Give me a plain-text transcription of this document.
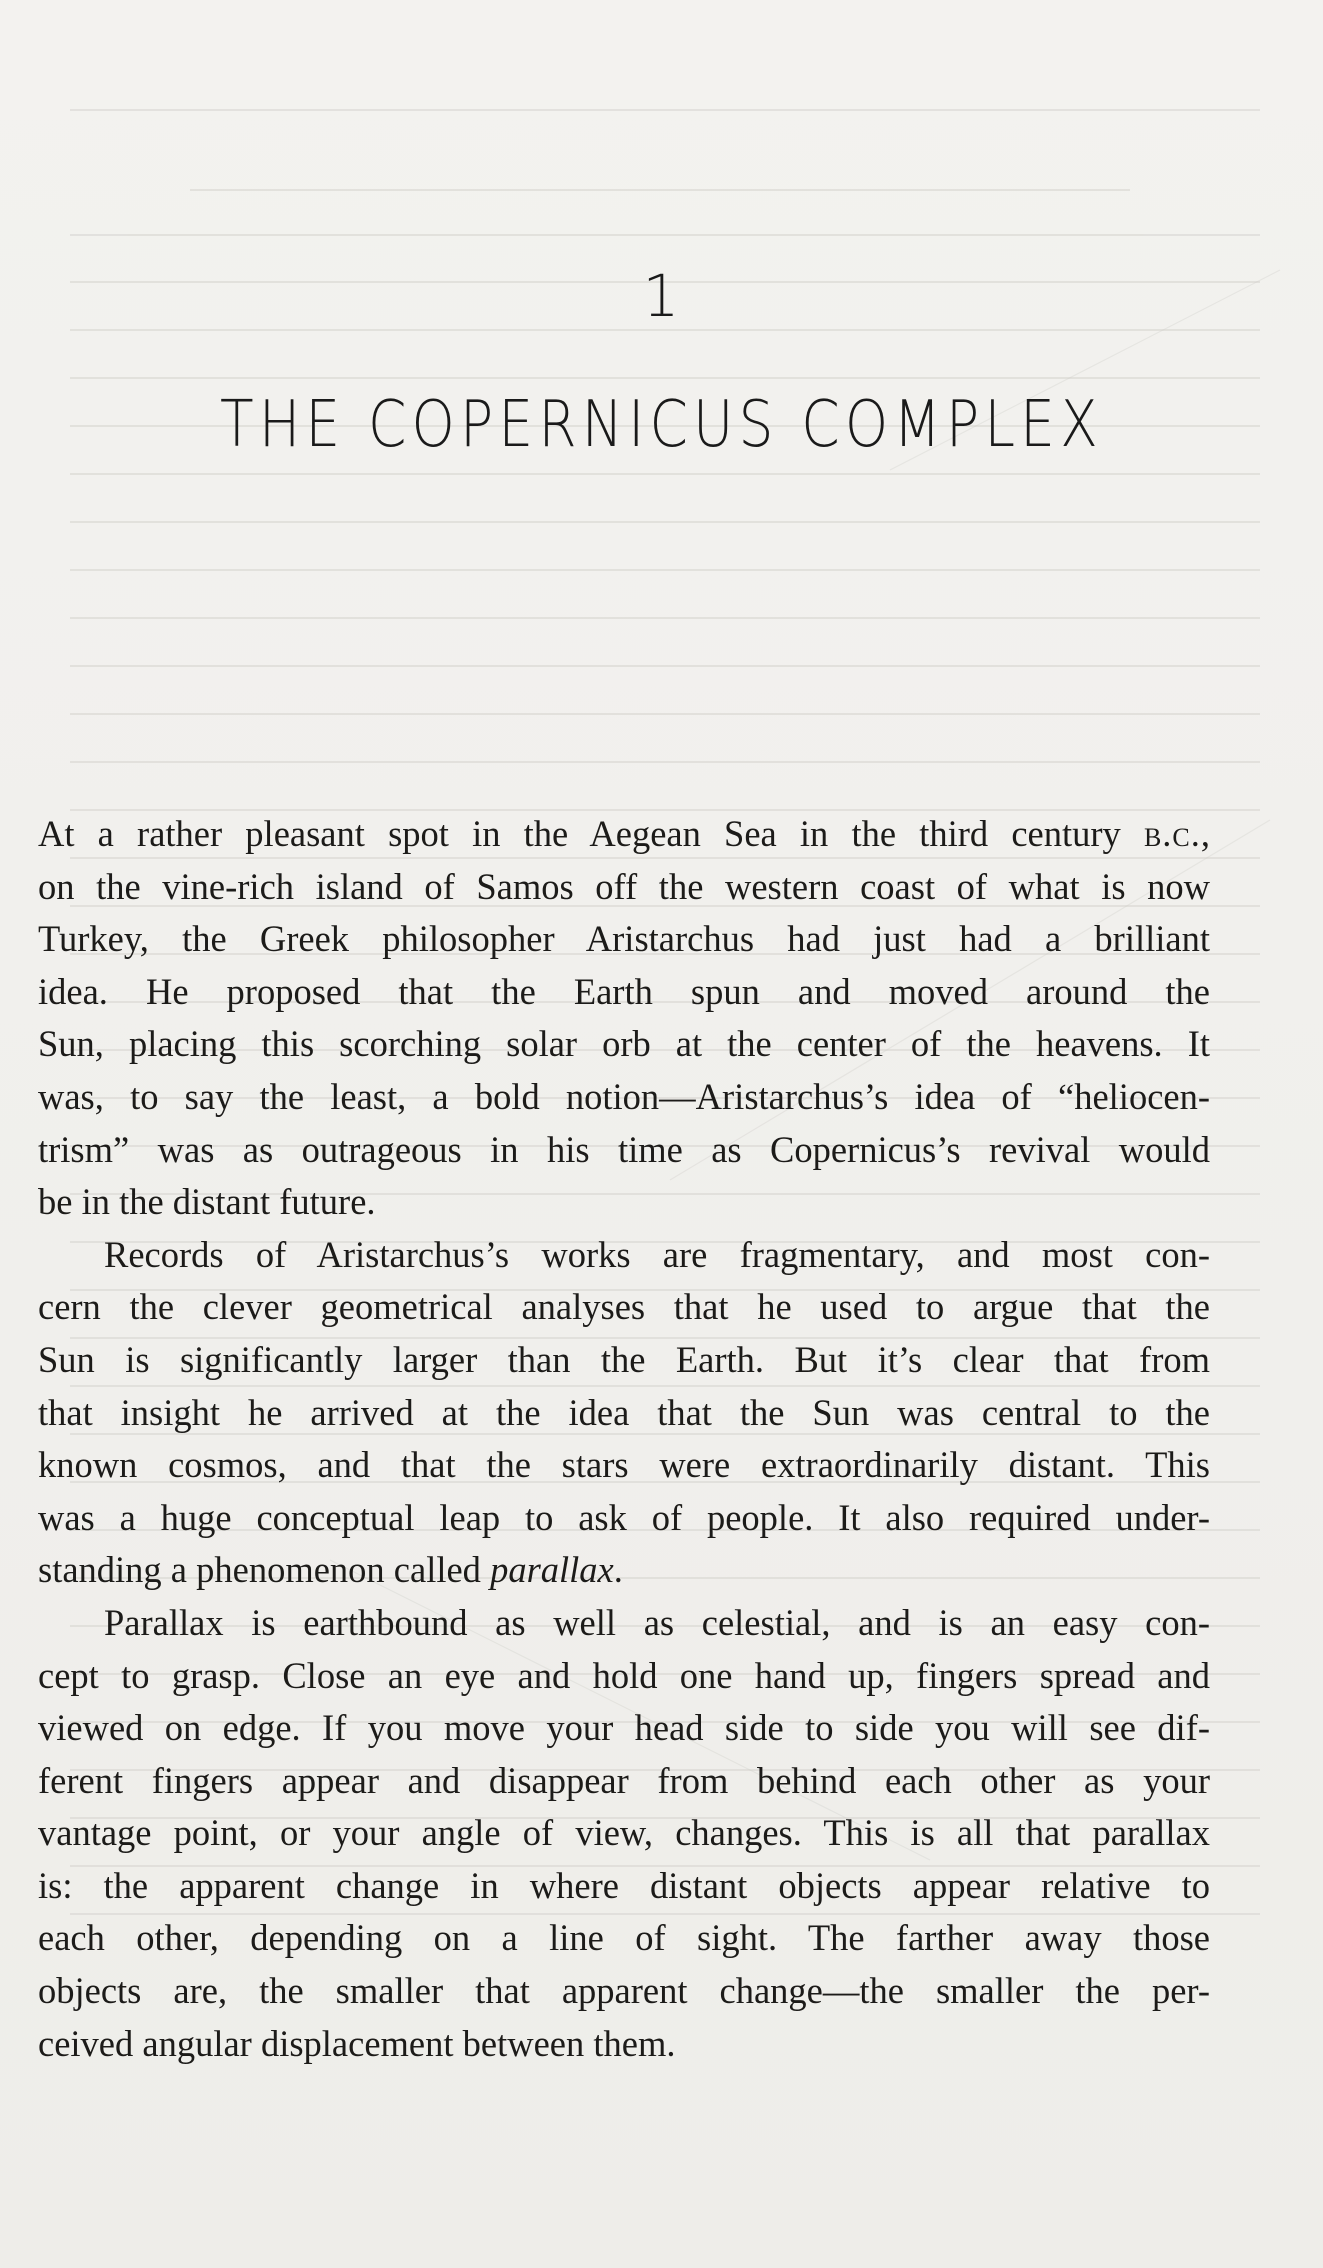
1
THE COPERNICUS COMPLEX
At a rather pleasant spot in the Aegean Sea in the third century b.c.,
on the vine-rich island of Samos off the western coast of what is now
Turkey, the Greek philosopher Aristarchus had just had a brilliant
idea. He proposed that the Earth spun and moved around the
Sun, placing this scorching solar orb at the center of the heavens. It
was, to say the least, a bold notion—Aristarchus’s idea of “heliocen-
trism” was as outrageous in his time as Copernicus’s revival would
be in the distant future.
Records of Aristarchus’s works are fragmentary, and most con-
cern the clever geometrical analyses that he used to argue that the
Sun is significantly larger than the Earth. But it’s clear that from
that insight he arrived at the idea that the Sun was central to the
known cosmos, and that the stars were extraordinarily distant. This
was a huge conceptual leap to ask of people. It also required under-
standing a phenomenon called parallax.
Parallax is earthbound as well as celestial, and is an easy con-
cept to grasp. Close an eye and hold one hand up, fingers spread and
viewed on edge. If you move your head side to side you will see dif-
ferent fingers appear and disappear from behind each other as your
vantage point, or your angle of view, changes. This is all that parallax
is: the apparent change in where distant objects appear relative to
each other, depending on a line of sight. The farther away those
objects are, the smaller that apparent change—the smaller the per-
ceived angular displacement between them.
